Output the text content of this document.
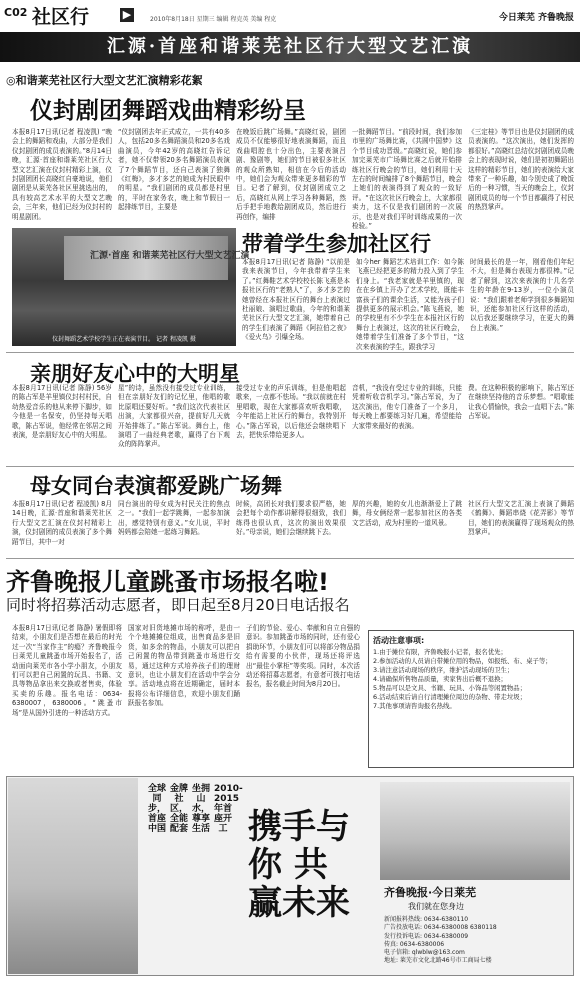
C02 社区行	▶	2010年8月18日 星期三 编辑 程克英 美编 程克	今日莱芜 齐鲁晚报
汇源·首座和谐莱芜社区行大型文艺汇演
◎和谐莱芜社区行大型文艺汇演精彩花絮
仪封剧团舞蹈戏曲精彩纷呈
本报8月17日讯(记者 程凌凯) “晚会上的舞蹈和戏曲，大部分是我们仪封剧团的成员表演的。”8月14日晚，汇源·首座和谐莱芜社区行大型文艺汇演在仪封村精彩上演，仪封剧团团长高晓红自豪地说，他们剧团是从莱芜各社区里挑选出的，具有较高艺术水平的大型文艺晚会，三年来，他们已经为仪封村的明星剧团。
“仪封剧团去年正式成立，一共有40多人，包括20多名舞蹈演员和20多名戏曲演员，今年42岁的高晓红告诉记者，她不仅带领20多名舞蹈演员表演了7个舞蹈节目，还自己表演了独舞《红梅》，多才多艺的她成为村民眼中的明星。“我们剧团的成员都是村里的，平时在家务农，晚上和节假日一起排练节目，主要是
在晚饭后跳广场舞。”高晓红说，剧团成员不仅能够很好地表演舞蹈，而且戏曲唱腔也十分出色，主要表演吕剧、豫剧等，她们的节目被很多社区的观众所熟知，相信在今后的活动中，她们会为观众带来更多精彩的节目。记者了解到，仪封剧团成立之后，高晓红从网上学习各种舞蹈，然后手把手地教给剧团成员，然后进行再创作，编排
一批舞蹈节目。“前段时间，我们参加市里的广场舞比赛，《共圆中国梦》这个节目成功晋级。”高晓红说，她们参加完莱芜市广场舞比赛之后就开始排练社区行晚会的节目，她们利用十天左右的时间编排了8个舞蹈节目，晚会上她们的表演得到了观众的一致好评。“在这次社区行晚会上，大家都很卖力，这不仅是我们剧团的一次展示，也是对我们平时训练成果的一次检验。”
《三定桂》等节目也是仪封剧团的成员表演的。“这次演出，她们发挥的都很好。”高晓红总结仪封剧团成员晚会上的表现时说，她们是初初舞蹈出这样的精彩节目，她们的表演给大家带来了一种乐趣，如今别史成了晚饭后的一种习惯，当天的晚会上，仪封剧团成员的每一个节目都赢得了村民的热烈掌声。
汇源·首座 和谐莱芜社区行大型文艺汇演
仪封舞蹈艺术学校学生正在表演节目。 记者 程凌凯 摄
带着学生参加社区行
本报8月17日讯(记者 陈静) “以前是我来表演节目，今年我带着学生来了。”红舞鞋艺术学校校长陈飞燕是本报社区行的“老熟人”了，多才多艺的她曾经在本报社区行的舞台上表演过杜丽娘、演唱过歌曲，今年的和谐莱芜社区行大型文艺汇演，她带着自己的学生们表演了舞蹈《阿拉伯之夜》《爱火鸟》引爆全场。
如今her 舞蹈艺术培训工作：如今陈飞燕已经把更多的精力投入到了学生们身上。“我老家就是羊里镇的，现在在乡镇上开办了艺术学校，既能丰富孩子们的课余生活，又能为孩子们提供更多的展示机会。”陈飞燕说，她的学校里有不少学生在本报社区行的舞台上表演过，这次的社区行晚会，她带着学生们准备了多个节目，“这次来表演的学生，跟我学习
时间最长的是一年，刚看他们年纪不大，但是舞台表现力都很棒。”记者了解到，这次来表演的十几名学生的年龄在9-13岁，一位小演员说：“我们跟着老师学到很多舞蹈知识，还能参加社区行这样的活动，以后我还要继续学习，在更大的舞台上表演。”
亲朋好友心中的大明星
本报8月17日讯(记者 陈静) 56岁的陈占军是羊里镇仪封村村民，自幼热爱音乐的他从来停下脚步，如今他是一名保安，仍坚持每天唱歌，陈占军说，他经常在邻居之间表演，是亲朋好友心中的大明星。
星”的诗，虽然没有接受过专业训练，但在亲朋好友们的记忆里，他唱的歌比原唱还要好听。“我们这次代表社区出演，大家都很兴奋，提前好几天就开始排练了。”陈占军说。舞台上，他演唱了一曲经典老歌，赢得了台下观众的阵阵掌声。
接受过专业的声乐训练，但是他唱起歌来，一点都不怯场。“我以前就在村里唱歌，现在大家都喜欢听我唱歌，今年能站上社区行的舞台，我特别开心。”陈占军说，以后他还会继续唱下去，把快乐带给更多人。
音机，“我没有受过专业的训练，只能凭着听收音机学习。”陈占军说，为了这次演出，他专门准备了一个多月，每天晚上都要练习好几遍，希望能给大家带来最好的表演。
费。在这种积极的影响下，陈占军还在继续坚持他的音乐梦想。“唱歌能让我心情愉快，我会一直唱下去。”陈占军说。
母女同台表演都爱跳广场舞
本报8月17日讯(记者 程凌凯) 8月14日晚，汇源·首座和谐莱芜社区行大型文艺汇演在仪封村精彩上演，仪封剧团的成员表演了多个舞蹈节目，其中一对
同台演出的母女成为村民关注的焦点之一。“我们一起学跳舞，一起参加演出，感觉特别有意义。”女儿说，平时妈妈都会陪她一起练习舞蹈。
时候，高团长对我们要求很严格，她会把每个动作都讲解得很细致，我们练得也很认真，这次的演出效果很好。”母亲说，她们会继续跳下去。
厚的兴趣，她的女儿也渐渐爱上了跳舞，母女俩经常一起参加社区的各类文艺活动，成为村里的一道风景。
社区行大型文艺汇演上表演了舞蹈《鹤舞》、舞蹈串烧《花弄影》等节目，她们的表演赢得了现场观众的热烈掌声。
齐鲁晚报儿童跳蚤市场报名啦!
同时将招募活动志愿者，即日起至8月20日电话报名
本报8月17日讯(记者 陈静) 暑假即将结束，小朋友们是否想在最后的时光过一次“当家作主”的瘾？齐鲁晚报今日莱芜儿童跳蚤市场开始报名了，活动面向莱芜市各小学小朋友，小朋友们可以把自己闲置的玩具、书籍、文具等物品拿出来交换或者售卖，体验买卖的乐趣。报名电话：0634-6380007，6380006。“跳蚤市场”是从国外引进的一种活动方式。
国家对旧货地摊市场的称呼，是由一个个地摊摊位组成，出售商品多是旧货，如多余的物品，小朋友可以把自己闲置的物品带到跳蚤市场进行交易，通过这种方式培养孩子们的理财意识，也让小朋友们在活动中学会分享。活动地点将在近期确定，届时本报将公布详细信息，欢迎小朋友们踊跃报名参加。
子们的节俭、爱心、奉献和自立自强的意识。参加跳蚤市场的同时，还有爱心捐助环节，小朋友们可以将部分物品捐给有需要的小伙伴，现场还将评选出“最佳小掌柜”等奖项。同时，本次活动还将招募志愿者，有意者可拨打电话报名，报名截止时间为8月20日。
活动注意事项:
1.由于摊位有限，齐鲁晚报小记者，报名优先；
2.参加活动的人员请自带摊位用的物品，如报纸、布、桌子等；
3.请注意活动现场的秩序，维护活动现场的卫生；
4.请确保所售物品质量，卖家售出后概不退换；
5.物品可以是文具、书籍、玩具、小饰品等闲置物品；
6.活动结束后请自行清理摊位周边的杂物、带走垃圾；
7.其他事项请咨询报名热线。
全球同步，首座中国
金牌社区，全能配套
坐拥山水，尊享生活
2010-2015年首座开工 携手与你 共赢未来	齐鲁晚报·今日莱芜
我们就在您身边
新闻报料热线: 0634-6380110
广告投放电话: 0634-6380008 6380118
发行投诉电话: 0634-6380009
传真: 0634-6380006
电子信箱: qlwblw@163.com
地址: 莱芜市文化北路46号市工商局七楼
